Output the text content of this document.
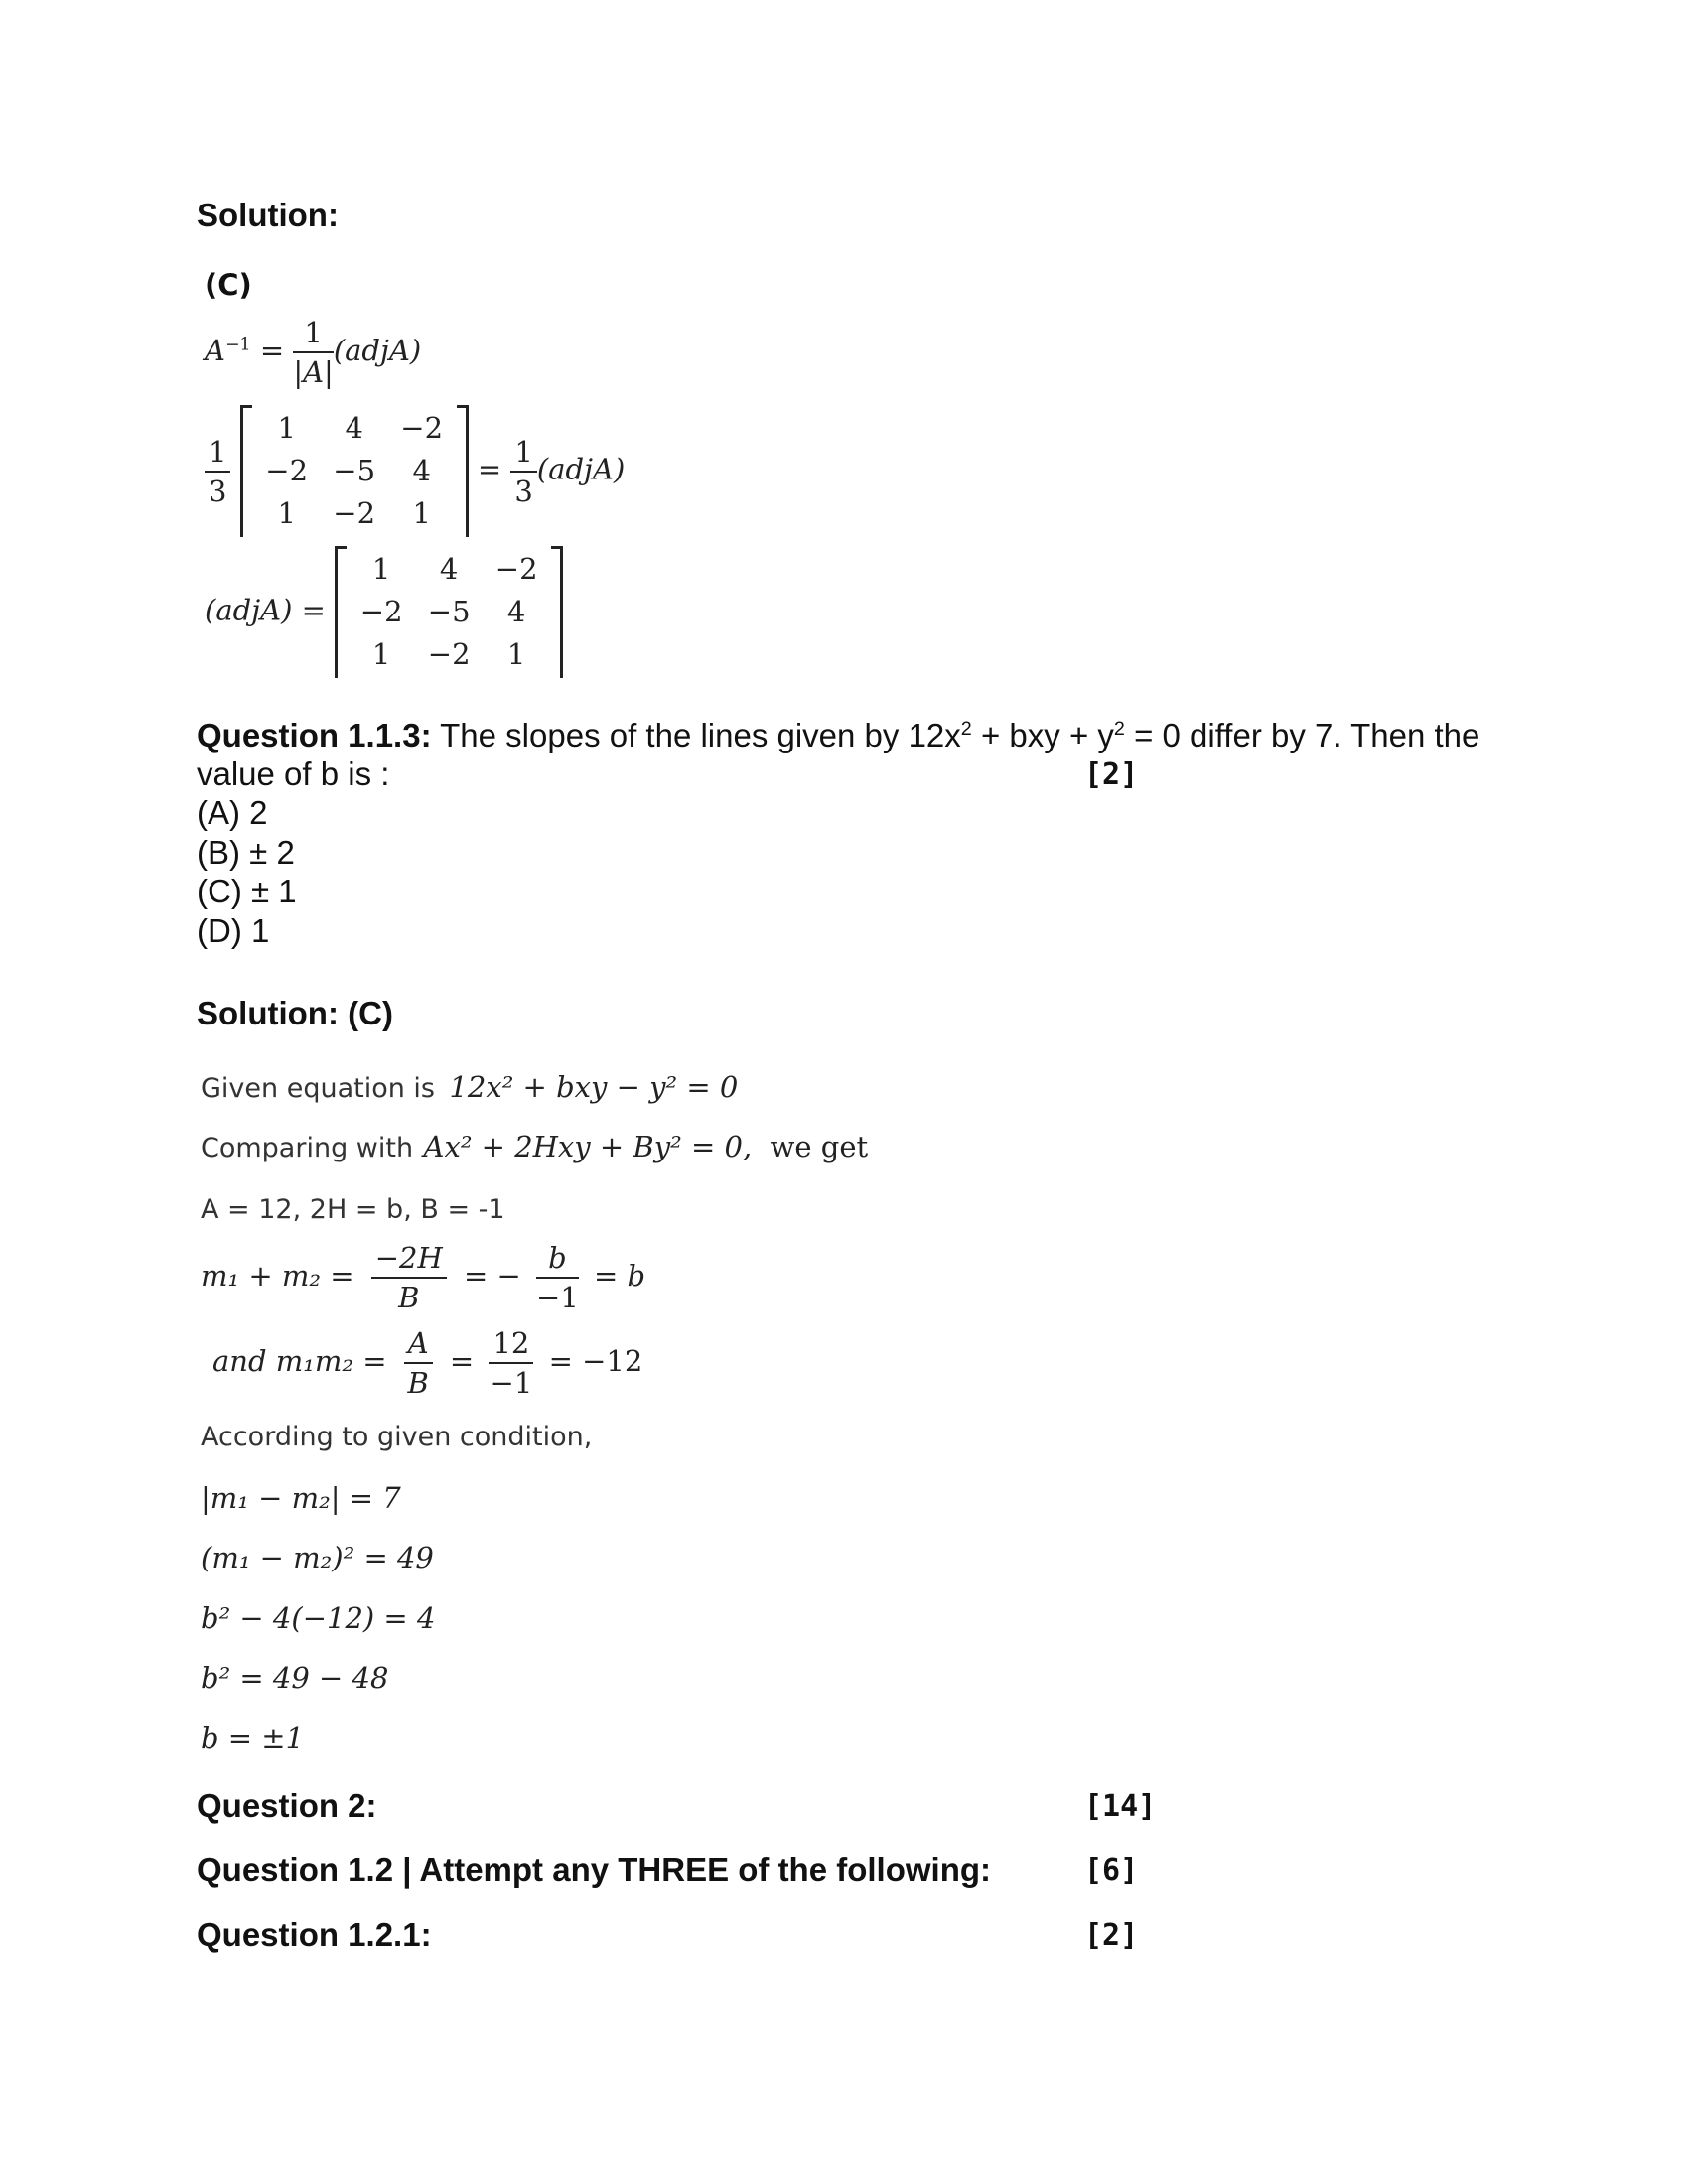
Solution:
(C)
$A^{-1} = \frac{1}{|A|}$ (adjA)
$\frac{1}{3}$

1	4	−2
−2 −5	4
1	−2	1
= $\frac{1}{3}$ (adjA)
(adjA) =
1	4	−2
−2 −5	4
1	−2	1
Question 1.1.3: The slopes of the lines given by $12x^2$ + bxy + $y^2 = 0$ differ by 7. Then the
value of b is :	[2]
(A) 2
(B) ± 2
(C) ± 1
(D) 1
Solution: (C)
Given equation is 12x² + bxy − y² = 0
Comparing with Ax² + 2Hxy + By² = 0, we get
A = 12, 2H = b, B = -1
$m_1 + m_2 = \frac{-2H}{B}$ = − $\frac{b}{-1} = b$
and $m_1m_2 = \frac{A}{B} = \frac{12}{-1} = -12$
According to given condition,
|m₁ − m₂| = 7
(m₁ − m₂)² = 49
b² − 4(−12) = 4
b² = 49 − 48
b = ±1
Question 2:	[14]
Question 1.2 | Attempt any THREE of the following:	[6]
Question 1.2.1:	[2]
